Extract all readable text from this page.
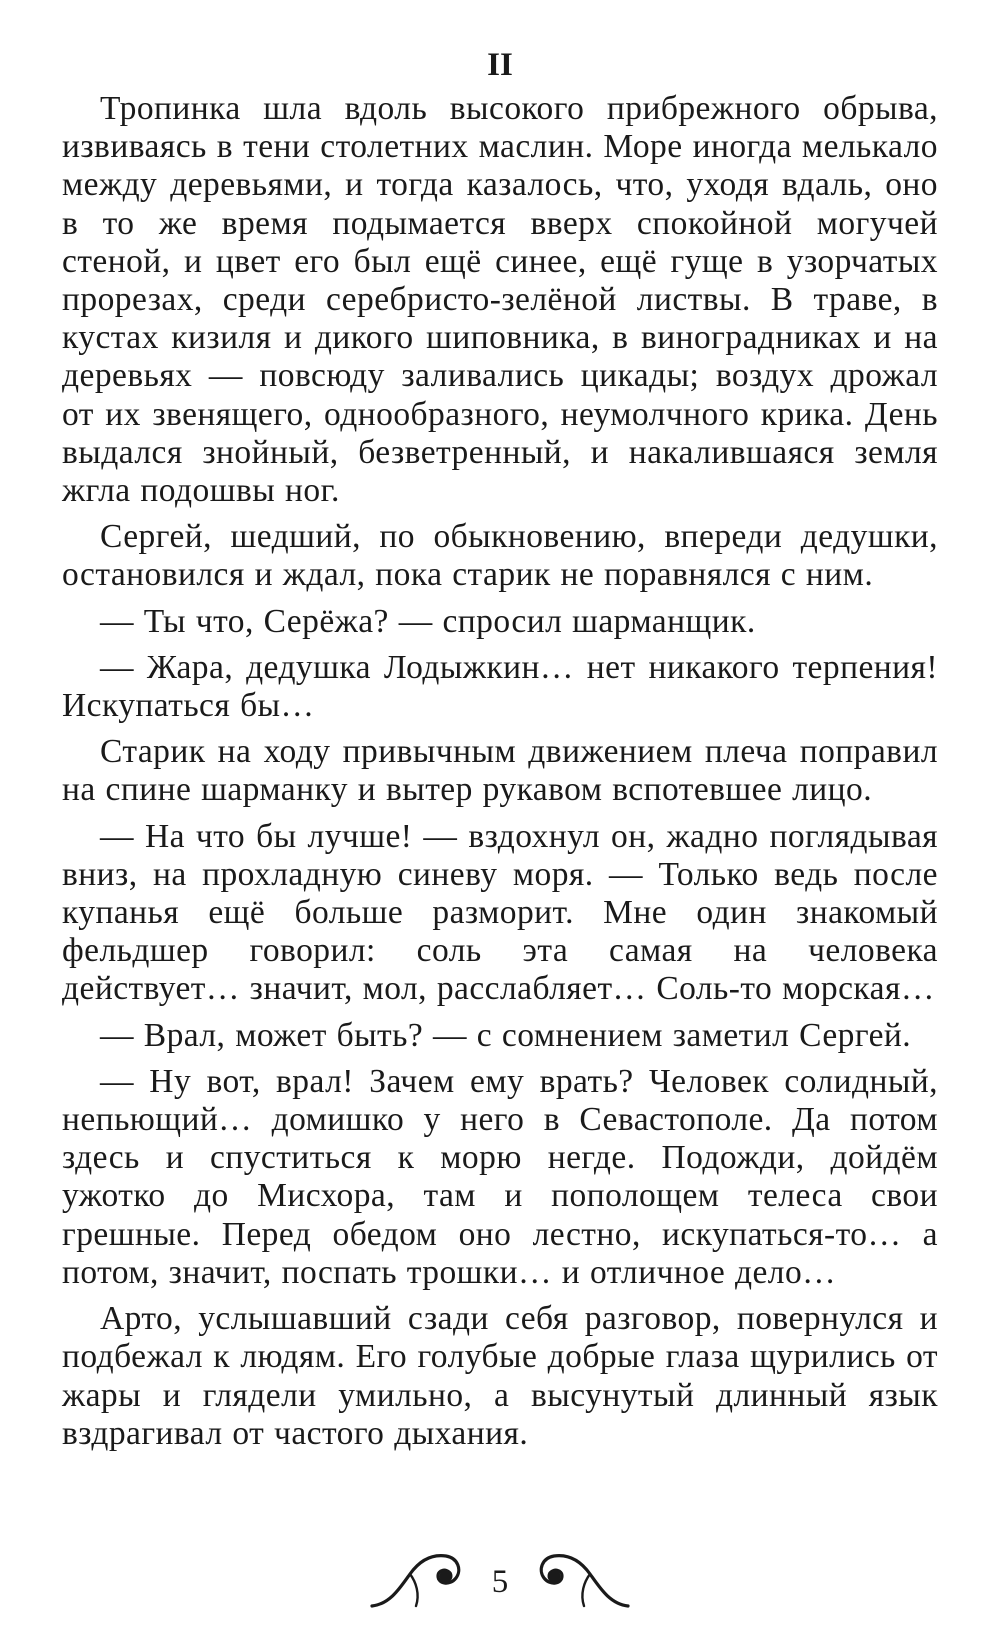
II

Тропинка шла вдоль высокого прибрежного обрыва, извиваясь в тени столетних маслин. Море иногда мелькало между деревьями, и тогда казалось, что, уходя вдаль, оно в то же время подымается вверх спокойной могучей стеной, и цвет его был ещё синее, ещё гуще в узорчатых прорезах, среди серебристо-зелёной листвы. В траве, в кустах кизиля и дикого шиповника, в виноградниках и на деревьях — повсюду заливались цикады; воздух дрожал от их звенящего, однообразного, неумолчного крика. День выдался знойный, безветренный, и накалившаяся земля жгла подошвы ног.

Сергей, шедший, по обыкновению, впереди дедушки, остановился и ждал, пока старик не поравнялся с ним.

— Ты что, Серёжа? — спросил шарманщик.

— Жара, дедушка Лодыжкин… нет никакого терпения! Искупаться бы…

Старик на ходу привычным движением плеча поправил на спине шарманку и вытер рукавом вспотевшее лицо.

— На что бы лучше! — вздохнул он, жадно поглядывая вниз, на прохладную синеву моря. — Только ведь после купанья ещё больше разморит. Мне один знакомый фельдшер говорил: соль эта самая на человека действует… значит, мол, расслабляет… Соль-то морская…

— Врал, может быть? — с сомнением заметил Сергей.

— Ну вот, врал! Зачем ему врать? Человек солидный, непьющий… домишко у него в Севастополе. Да потом здесь и спуститься к морю негде. Подожди, дойдём ужотко до Мисхора, там и пополощем телеса свои грешные. Перед обедом оно лестно, искупаться-то… а потом, значит, поспать трошки… и отличное дело…

Арто, услышавший сзади себя разговор, повернулся и подбежал к людям. Его голубые добрые глаза щурились от жары и глядели умильно, а высунутый длинный язык вздрагивал от частого дыхания.

5
